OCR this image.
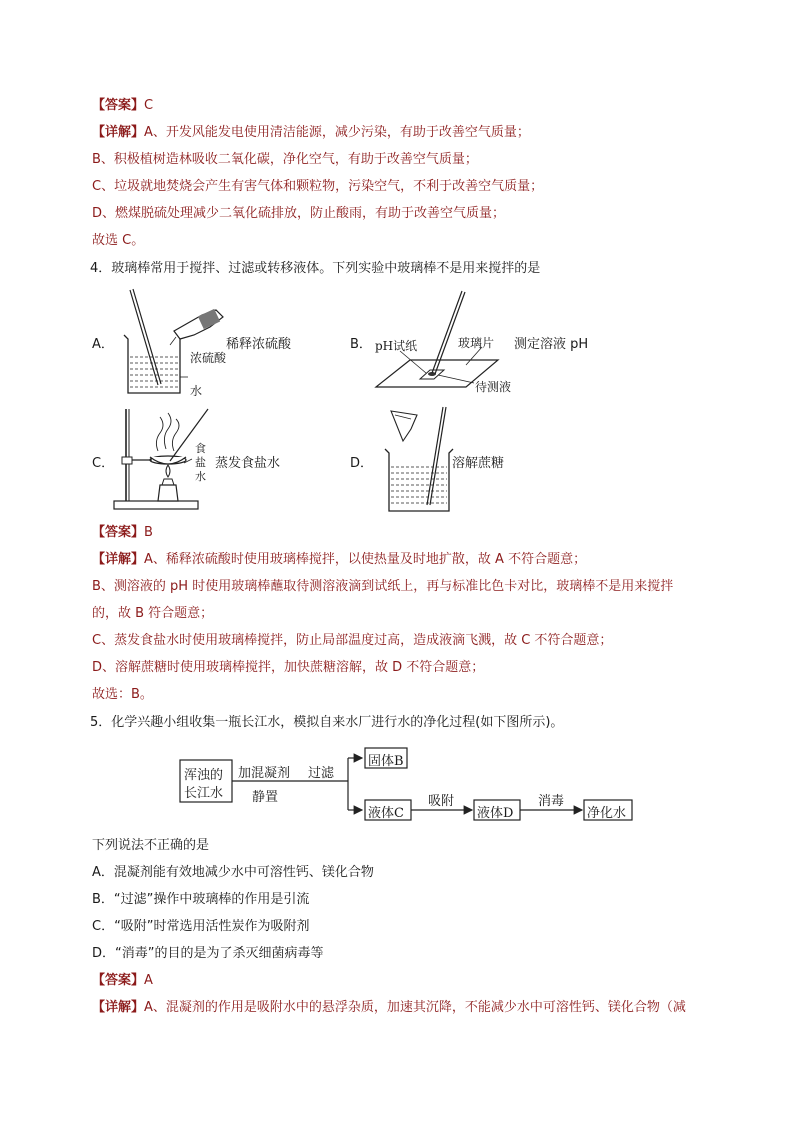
【答案】C
【详解】A、开发风能发电使用清洁能源，减少污染，有助于改善空气质量；
B、积极植树造林吸收二氧化碳，净化空气，有助于改善空气质量；
C、垃圾就地焚烧会产生有害气体和颗粒物，污染空气，不利于改善空气质量；
D、燃煤脱硫处理减少二氧化硫排放，防止酸雨，有助于改善空气质量；
故选 C。
4．玻璃棒常用于搅拌、过滤或转移液体。下列实验中玻璃棒不是用来搅拌的是
A．
浓硫酸
水
稀释浓硫酸	B． pH试纸	玻璃片
待测液
测定溶液 pH
C．
食
盐
水
蒸发食盐水	D．	溶解蔗糖
【答案】B
【详解】A、稀释浓硫酸时使用玻璃棒搅拌，以使热量及时地扩散，故 A 不符合题意；
B、测溶液的 pH 时使用玻璃棒蘸取待测溶液滴到试纸上，再与标准比色卡对比，玻璃棒不是用来搅拌
的，故 B 符合题意；
C、蒸发食盐水时使用玻璃棒搅拌，防止局部温度过高，造成液滴飞溅，故 C 不符合题意；
D、溶解蔗糖时使用玻璃棒搅拌，加快蔗糖溶解，故 D 不符合题意；
故选：B。
5．化学兴趣小组收集一瓶长江水，模拟自来水厂进行水的净化过程(如下图所示)。
浑浊的
长江水
加混凝剂
静置
过滤
固体B
液体C
吸附
液体D
消毒
净化水
下列说法不正确的是
A．混凝剂能有效地减少水中可溶性钙、镁化合物
B．“过滤”操作中玻璃棒的作用是引流
C．“吸附”时常选用活性炭作为吸附剂
D．“消毒”的目的是为了杀灭细菌病毒等
【答案】A
【详解】A、混凝剂的作用是吸附水中的悬浮杂质，加速其沉降，不能减少水中可溶性钙、镁化合物（减
